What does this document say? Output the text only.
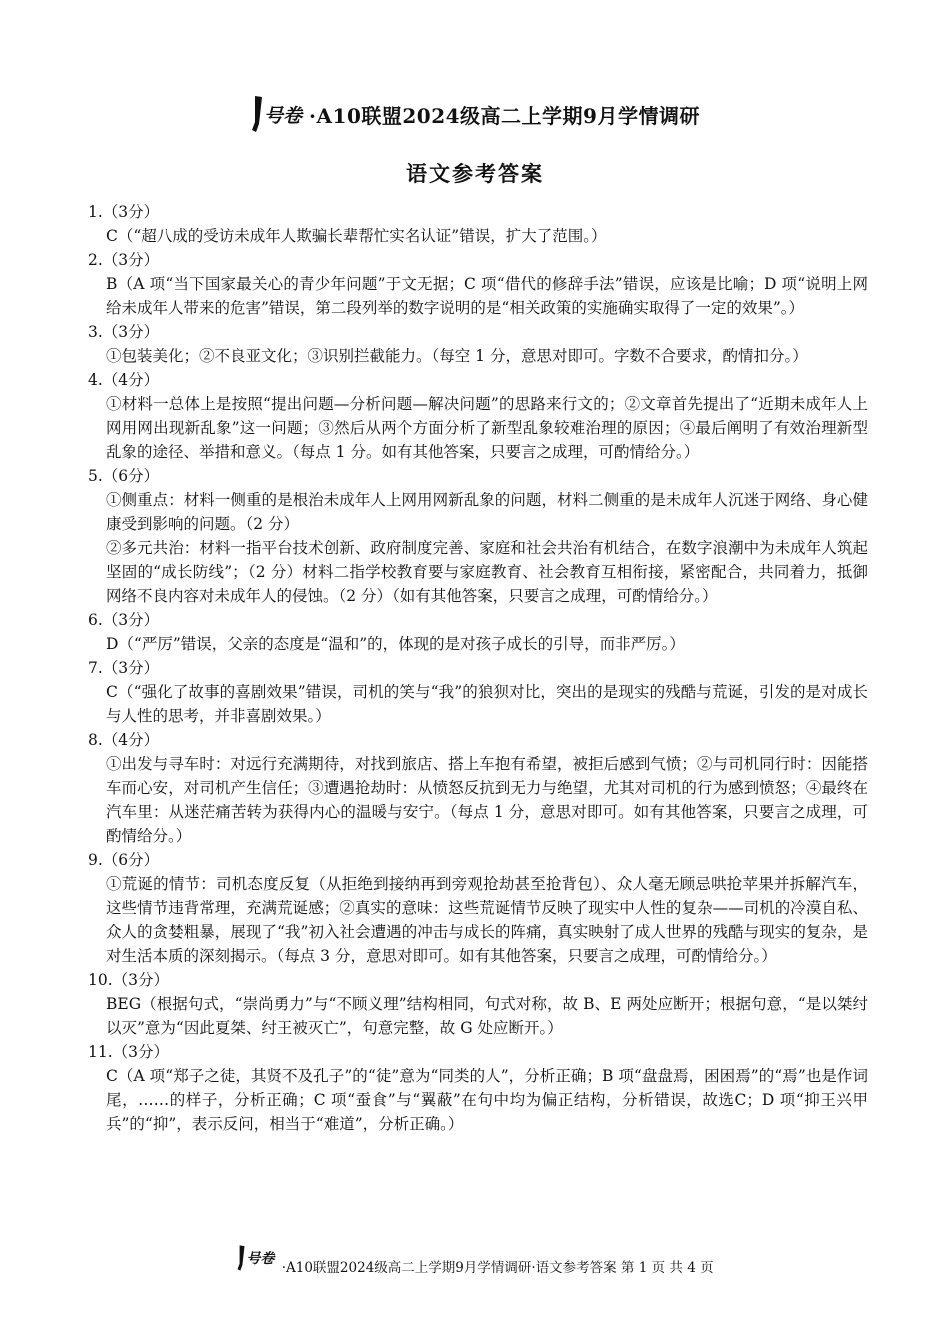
号卷 ·A10联盟2024级高二上学期9月学情调研
语文参考答案

1.（3分）

C（“超八成的受访未成年人欺骗长辈帮忙实名认证”错误，扩大了范围。）

2.（3分）

B（A 项“当下国家最关心的青少年问题”于文无据；C 项“借代的修辞手法”错误，应该是比喻；D 项“说明上网给未成年人带来的危害”错误，第二段列举的数字说明的是“相关政策的实施确实取得了一定的效果”。）

3.（3分）

①包装美化；②不良亚文化；③识别拦截能力。（每空 1 分，意思对即可。字数不合要求，酌情扣分。）

4.（4分）

①材料一总体上是按照“提出问题—分析问题—解决问题”的思路来行文的；②文章首先提出了“近期未成年人上网用网出现新乱象”这一问题；③然后从两个方面分析了新型乱象较难治理的原因；④最后阐明了有效治理新型乱象的途径、举措和意义。（每点 1 分。如有其他答案，只要言之成理，可酌情给分。）

5.（6分）

①侧重点：材料一侧重的是根治未成年人上网用网新乱象的问题，材料二侧重的是未成年人沉迷于网络、身心健康受到影响的问题。（2 分）

②多元共治：材料一指平台技术创新、政府制度完善、家庭和社会共治有机结合，在数字浪潮中为未成年人筑起坚固的“成长防线”；（2 分）材料二指学校教育要与家庭教育、社会教育互相衔接，紧密配合，共同着力，抵御网络不良内容对未成年人的侵蚀。（2 分）（如有其他答案，只要言之成理，可酌情给分。）

6.（3分）

D（“严厉”错误，父亲的态度是“温和”的，体现的是对孩子成长的引导，而非严厉。）

7.（3分）

C（“强化了故事的喜剧效果”错误，司机的笑与“我”的狼狈对比，突出的是现实的残酷与荒诞，引发的是对成长与人性的思考，并非喜剧效果。）

8.（4分）

①出发与寻车时：对远行充满期待，对找到旅店、搭上车抱有希望，被拒后感到气愤；②与司机同行时：因能搭车而心安，对司机产生信任；③遭遇抢劫时：从愤怒反抗到无力与绝望，尤其对司机的行为感到愤怒；④最终在汽车里：从迷茫痛苦转为获得内心的温暖与安宁。（每点 1 分，意思对即可。如有其他答案，只要言之成理，可酌情给分。）

9.（6分）

①荒诞的情节：司机态度反复（从拒绝到接纳再到旁观抢劫甚至抢背包）、众人毫无顾忌哄抢苹果并拆解汽车，这些情节违背常理，充满荒诞感；②真实的意味：这些荒诞情节反映了现实中人性的复杂——司机的冷漠自私、众人的贪婪粗暴，展现了“我”初入社会遭遇的冲击与成长的阵痛，真实映射了成人世界的残酷与现实的复杂，是对生活本质的深刻揭示。（每点 3 分，意思对即可。如有其他答案，只要言之成理，可酌情给分。）

10.（3分）

BEG（根据句式，“崇尚勇力”与“不顾义理”结构相同，句式对称，故 B、E 两处应断开；根据句意，“是以桀纣以灭”意为“因此夏桀、纣王被灭亡”，句意完整，故 G 处应断开。）

11.（3分）

C（A 项“郑子之徒，其贤不及孔子”的“徒”意为“同类的人”，分析正确；B 项“盘盘焉，困困焉”的“焉”也是作词尾，……的样子，分析正确；C 项“蚕食”与“翼蔽”在句中均为偏正结构，分析错误，故选C；D 项“抑王兴甲兵”的“抑”，表示反问，相当于“难道”，分析正确。）

号卷
·A10联盟2024级高二上学期9月学情调研·语文参考答案 第 1 页 共 4 页
